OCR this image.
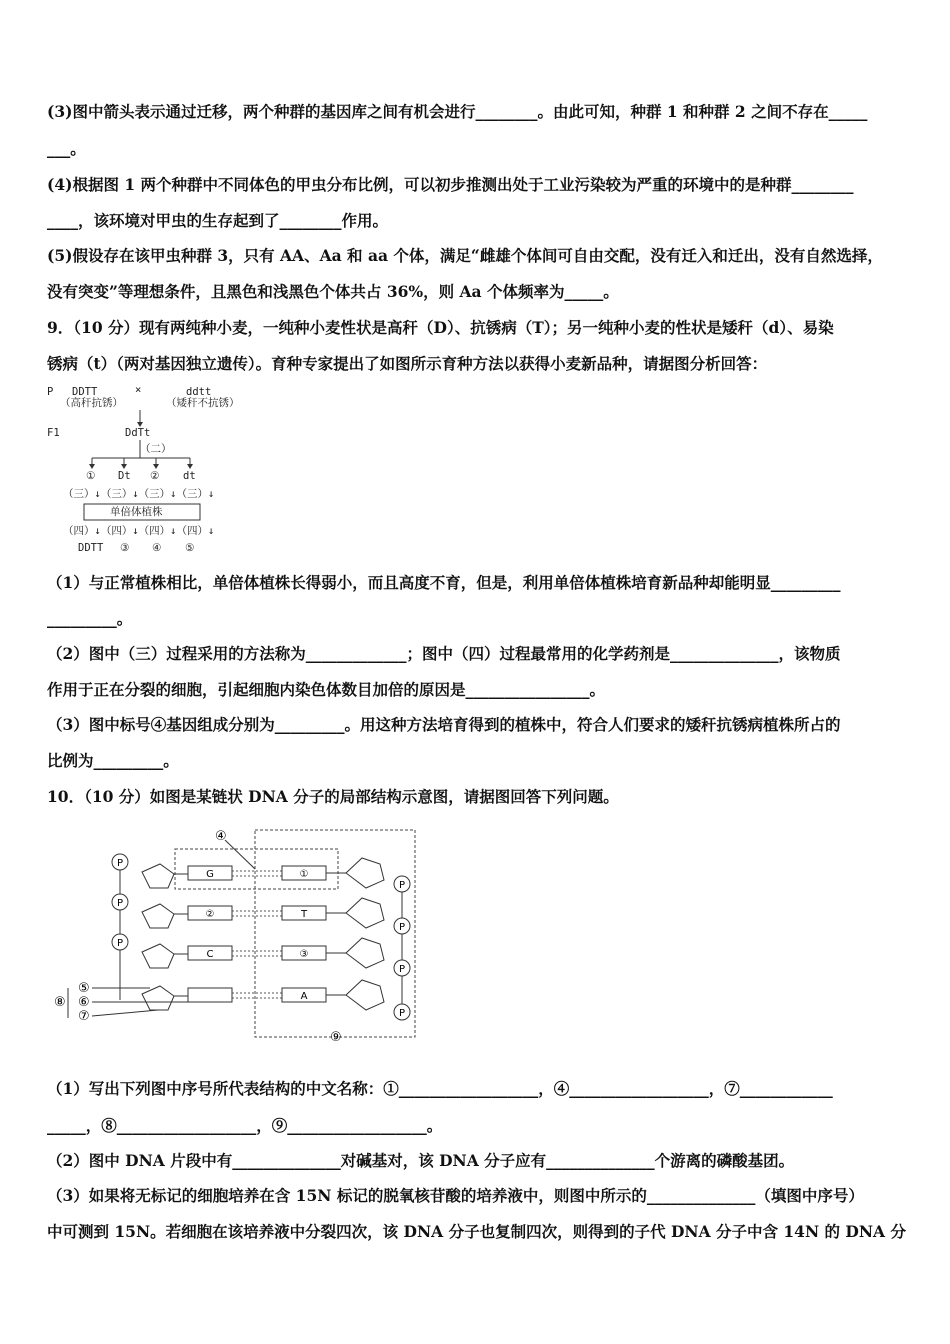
(3)图中箭头表示通过迁移，两个种群的基因库之间有机会进行________。由此可知，种群 1 和种群 2 之间不存在_____
___。
(4)根据图 1 两个种群中不同体色的甲虫分布比例，可以初步推测出处于工业污染较为严重的环境中的是种群________
____，该环境对甲虫的生存起到了________作用。
(5)假设存在该甲虫种群 3，只有 AA、Aa 和 aa 个体，满足“雌雄个体间可自由交配，没有迁入和迁出，没有自然选择，
没有突变”等理想条件，且黑色和浅黑色个体共占 36%，则 Aa 个体频率为_____。
9．（10 分）现有两纯种小麦，一纯种小麦性状是高秆（D）、抗锈病（T）；另一纯种小麦的性状是矮秆（d）、易染
锈病（t）（两对基因独立遗传）。育种专家提出了如图所示育种方法以获得小麦新品种，请据图分析回答：
P DDTT
（高秆抗锈）
×	ddtt
（矮秆不抗锈）
F1	DdTt
（二）
① Dt ② dt
（三）↓（三）↓（三）↓（三）↓
单倍体植株
（四）↓（四）↓（四）↓（四）↓
DDTT ③ ④ ⑤
（1）与正常植株相比，单倍体植株长得弱小，而且高度不育，但是，利用单倍体植株培育新品种却能明显_________
_________。
（2）图中（三）过程采用的方法称为_____________；图中（四）过程最常用的化学药剂是______________，该物质
作用于正在分裂的细胞，引起细胞内染色体数目加倍的原因是________________。
（3）图中标号④基因组成分别为_________。用这种方法培育得到的植株中，符合人们要求的矮秆抗锈病植株所占的
比例为_________。
10．（10 分）如图是某链状 DNA 分子的局部结构示意图，请据图回答下列问题。
P
G	①
P
P
②	T
P
P
C	③
P
A
P
④
⑤
⑥
⑦
⑧
⑨
（1）写出下列图中序号所代表结构的中文名称：①__________________，④__________________，⑦____________
_____，⑧__________________，⑨__________________。
（2）图中 DNA 片段中有______________对碱基对，该 DNA 分子应有______________个游离的磷酸基团。
（3）如果将无标记的细胞培养在含 15N 标记的脱氧核苷酸的培养液中，则图中所示的______________（填图中序号）
中可测到 15N。若细胞在该培养液中分裂四次，该 DNA 分子也复制四次，则得到的子代 DNA 分子中含 14N 的 DNA 分
